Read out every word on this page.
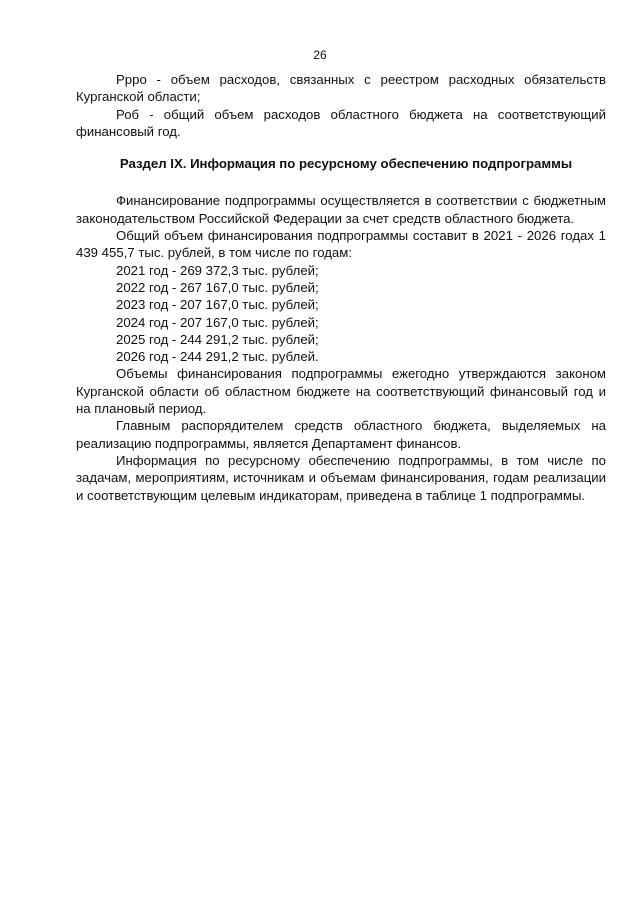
26

Ррро - объем расходов, связанных с реестром расходных обязательств Курганской области;

Роб - общий объем расходов областного бюджета на соответствующий финансовый год.

Раздел IX. Информация по ресурсному обеспечению подпрограммы

Финансирование подпрограммы осуществляется в соответствии с бюджетным законодательством Российской Федерации за счет средств областного бюджета.

Общий объем финансирования подпрограммы составит в 2021 - 2026 годах 1 439 455,7 тыс. рублей, в том числе по годам:

2021 год - 269 372,3 тыс. рублей;

2022 год - 267 167,0 тыс. рублей;

2023 год - 207 167,0 тыс. рублей;

2024 год - 207 167,0 тыс. рублей;

2025 год - 244 291,2 тыс. рублей;

2026 год - 244 291,2 тыс. рублей.

Объемы финансирования подпрограммы ежегодно утверждаются законом Курганской области об областном бюджете на соответствующий финансовый год и на плановый период.

Главным распорядителем средств областного бюджета, выделяемых на реализацию подпрограммы, является Департамент финансов.

Информация по ресурсному обеспечению подпрограммы, в том числе по задачам, мероприятиям, источникам и объемам финансирования, годам реализации и соответствующим целевым индикаторам, приведена в таблице 1 подпрограммы.
